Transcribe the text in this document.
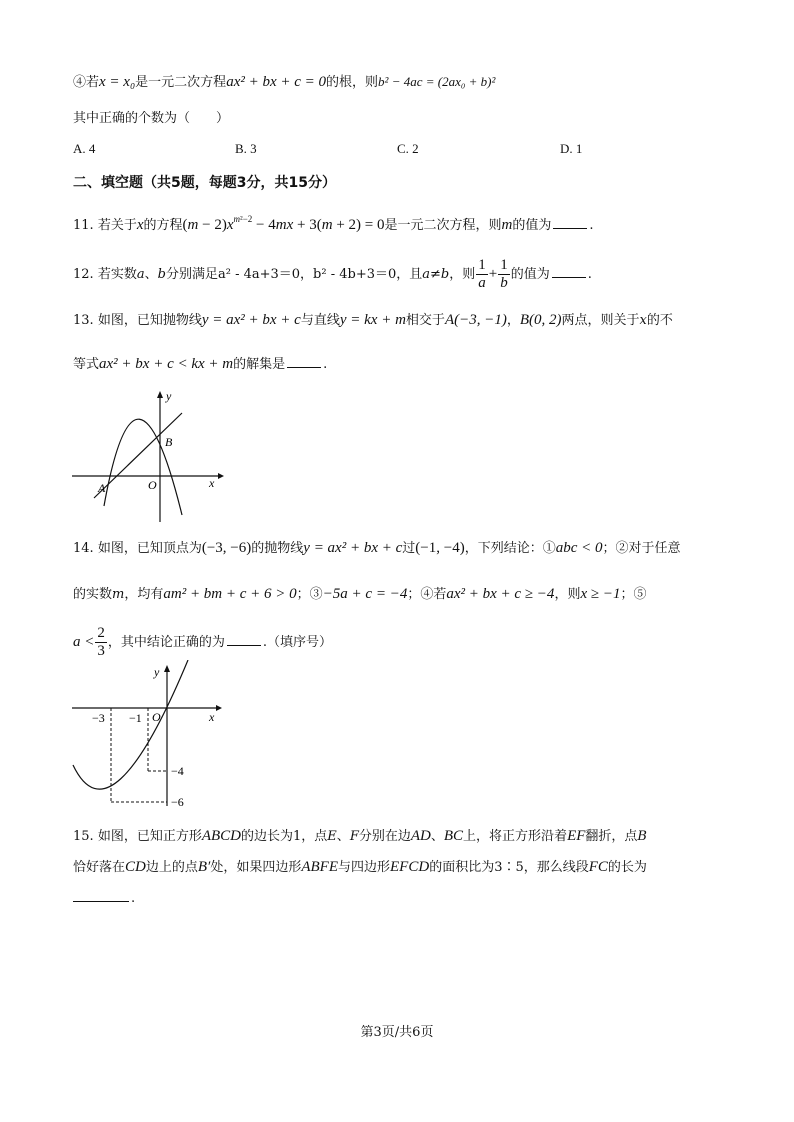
④若x = x₀是一元二次方程ax² + bx + c = 0的根，则b² − 4ac = (2ax₀ + b)²
其中正确的个数为（　　）
A. 4	B. 3	C. 2	D. 1
二、填空题（共5题，每题3分，共15分）
11. 若关于x的方程$(m - 2)x^{m^2-2} - 4mx + 3(m + 2) = 0$是一元二次方程，则m的值为	.
12. 若实数a、b分别满足a² - 4a+3＝0，b² - 4b+3＝0，且a≠b，则 $\frac{1}{a} + \frac{1}{b}$ 的值为	.
13. 如图，已知抛物线y = ax² + bx + c与直线y = kx + m相交于A(−3, −1)，B(0, 2)两点，则关于x的不
等式ax² + bx + c < kx + m的解集是	.
y
x
O
A
B
14. 如图，已知顶点为(−3, −6)的抛物线y = ax² + bx + c过(−1, −4)，下列结论：①abc < 0；②对于任意
的实数m，均有am² + bm + c + 6 > 0；③−5a + c = −4；④若ax² + bx + c ≥ −4，则x ≥ −1；⑤
$a < \frac{2}{3}$ ，其中结论正确的为	.（填序号）
y
x
O
−3 −1
−4
−6
15. 如图，已知正方形ABCD的边长为1，点E、F分别在边AD、BC上，将正方形沿着EF翻折，点B
恰好落在CD边上的点B′处，如果四边形ABFE与四边形EFCD的面积比为3∶5，那么线段FC的长为
.
第3页/共6页
